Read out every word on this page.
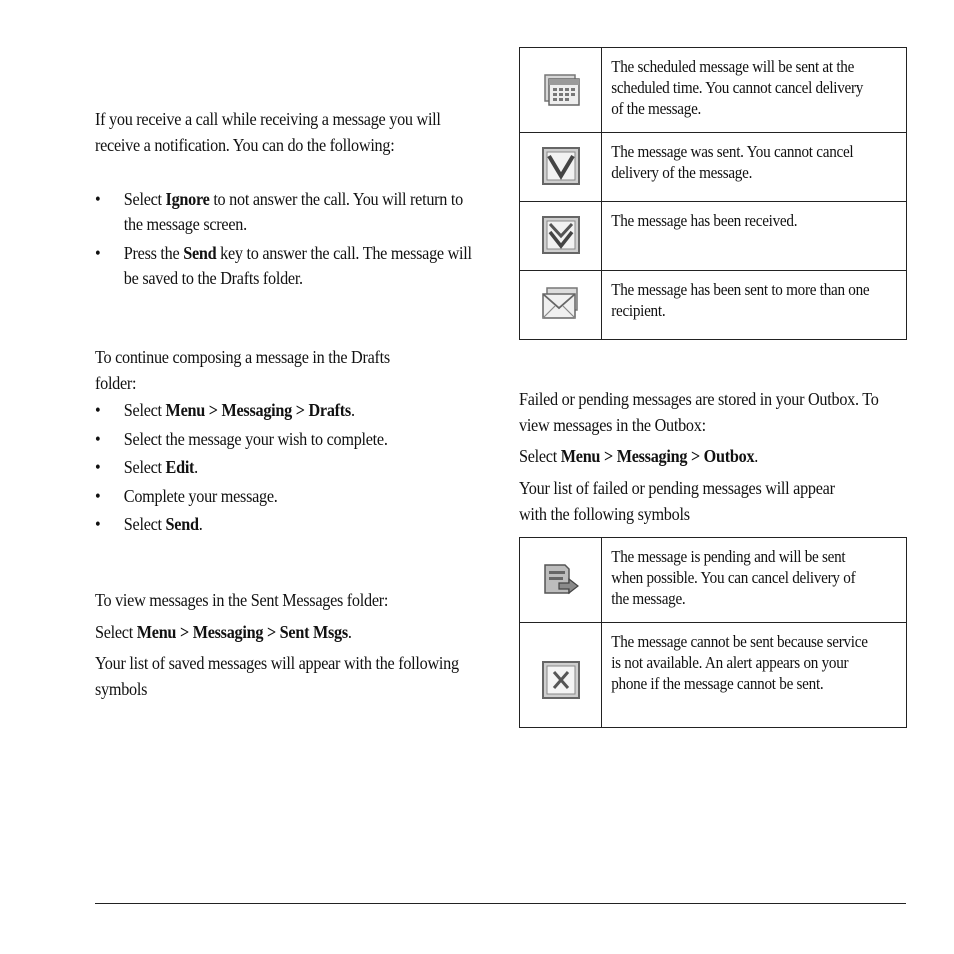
If you receive a call while receiving a message you will receive a notification. You can do the following:
• Select Ignore to not answer the call. You will return to the message screen.
• Press the Send key to answer the call. The message will be saved to the Drafts folder.
To continue composing a message in the Drafts folder:
• Select Menu > Messaging > Drafts.
• Select the message your wish to complete.
• Select Edit.
• Complete your message.
• Select Send.
To view messages in the Sent Messages folder:
Select Menu > Messaging > Sent Msgs.
Your list of saved messages will appear with the following symbols

The scheduled message will be sent at the scheduled time. You cannot cancel delivery of the message.

The message was sent. You cannot cancel delivery of the message.

The message has been received.

The message has been sent to more than one recipient.
Failed or pending messages are stored in your Outbox. To view messages in the Outbox:
Select Menu > Messaging > Outbox.
Your list of failed or pending messages will appear with the following symbols

The message is pending and will be sent when possible. You can cancel delivery of the message.

The message cannot be sent because service is not available. An alert appears on your phone if the message cannot be sent.
